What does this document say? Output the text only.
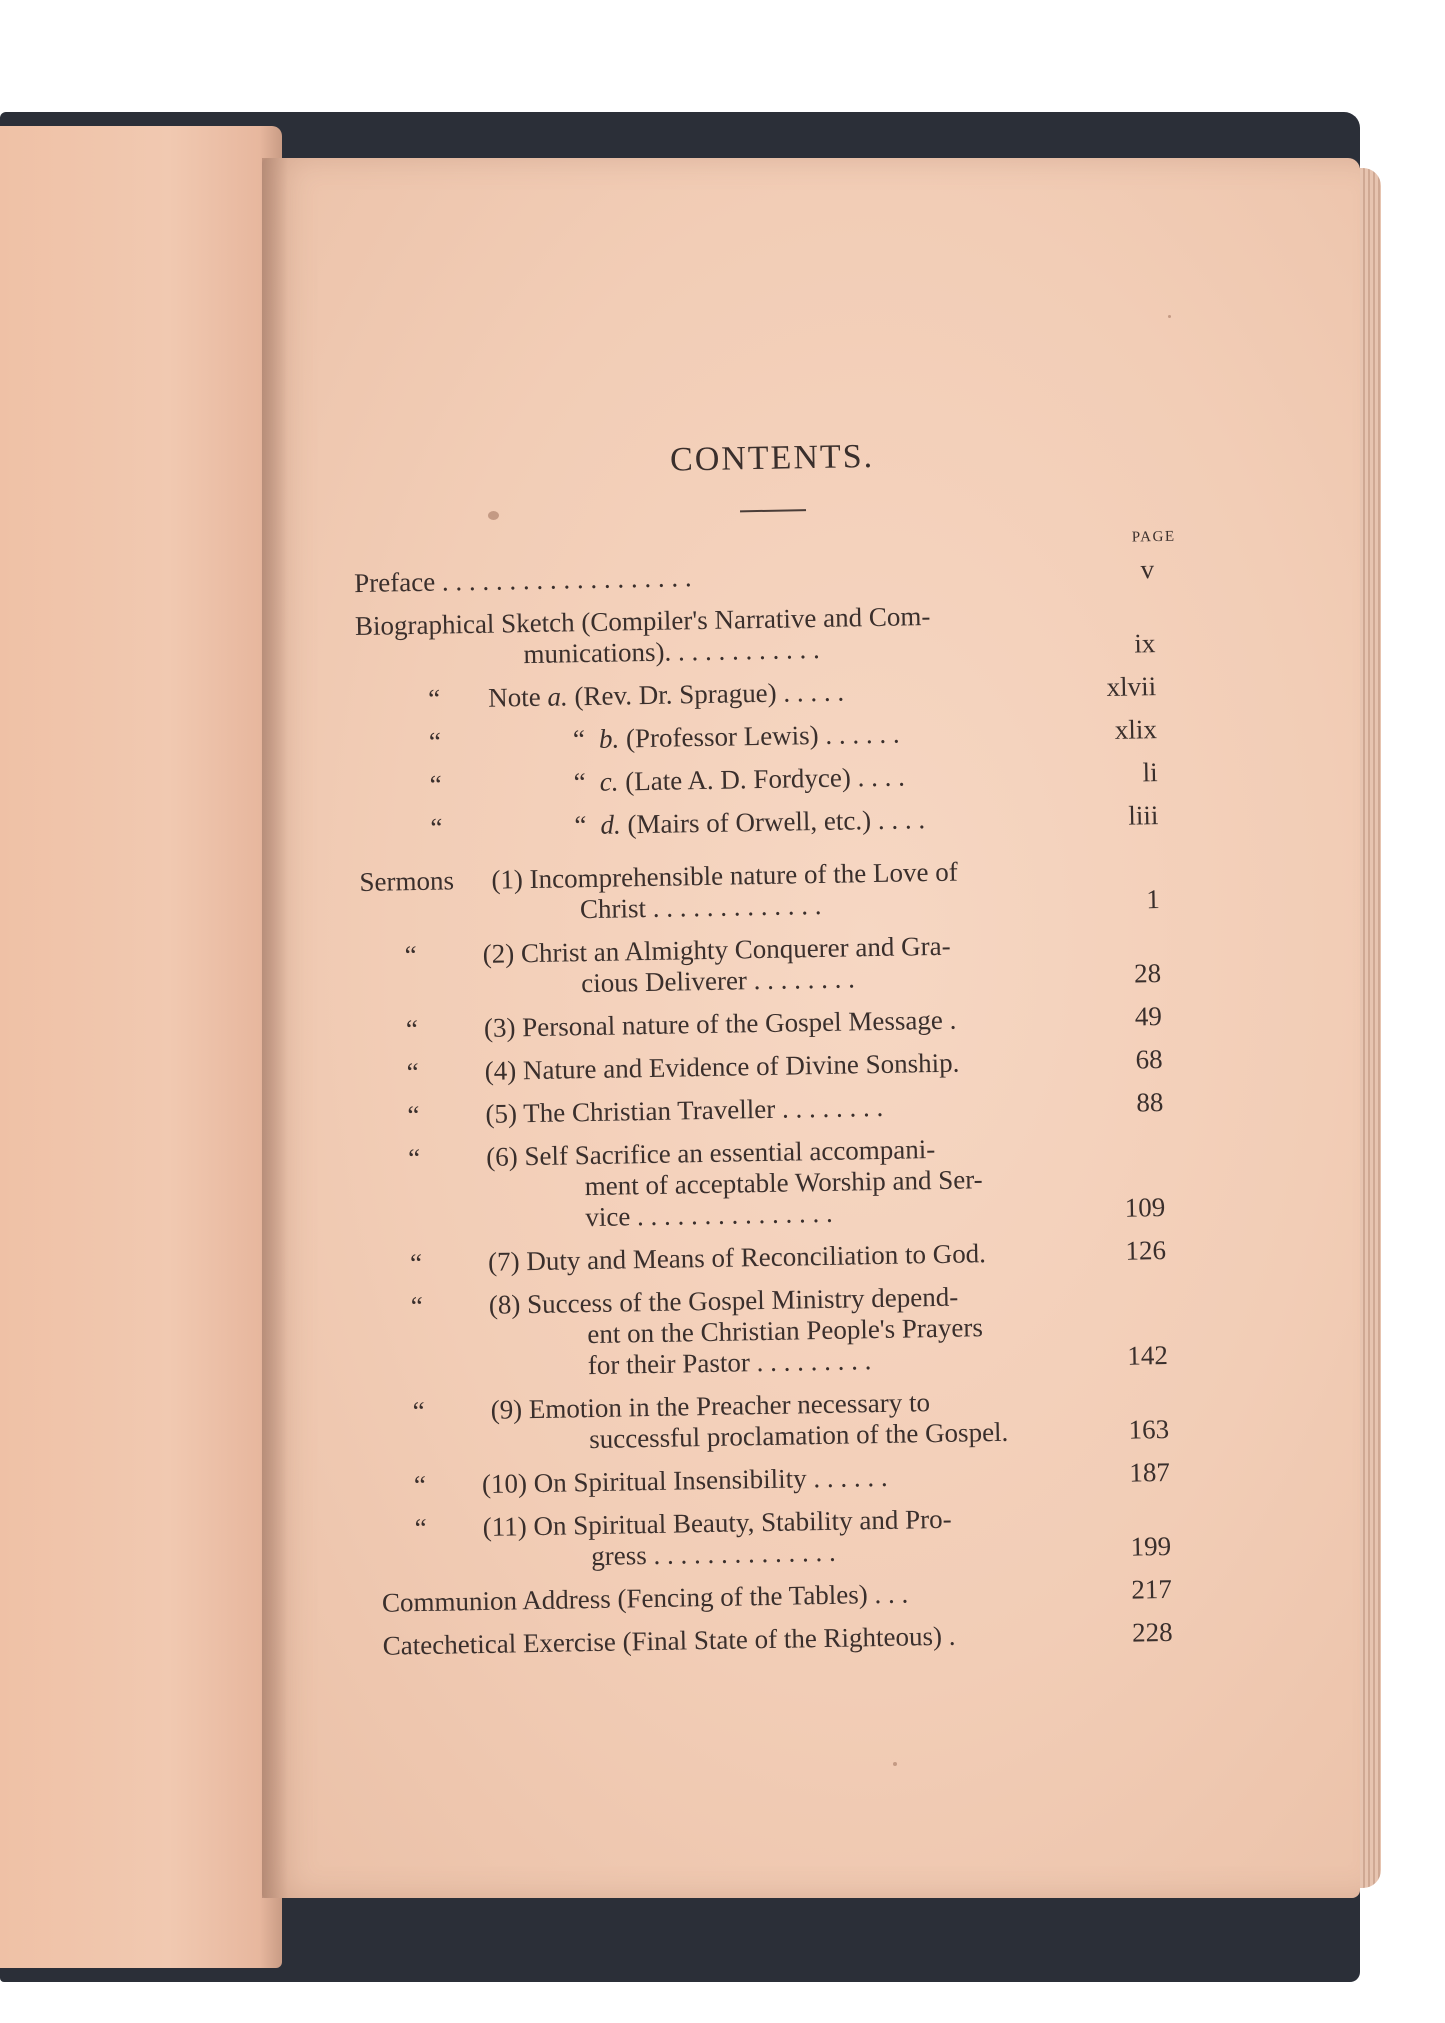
CONTENTS.
PAGE
Preface . . . . . . . . . . . . . . . . . . .	v
Biographical Sketch (Compiler's Narrative and Com-
munications). . . . . . . . . . . .	ix
“ Note a. (Rev. Dr. Sprague) . . . . .	xlvii
“	“ b. (Professor Lewis) . . . . . .	xlix
“	“ c. (Late A. D. Fordyce) . . . .	li
“	“ d. (Mairs of Orwell, etc.) . . . .	liii
Sermons (1) Incomprehensible nature of the Love of
Christ . . . . . . . . . . . . .	1
“ (2) Christ an Almighty Conquerer and Gra-
cious Deliverer . . . . . . . .	28
“ (3) Personal nature of the Gospel Message .	49
“ (4) Nature and Evidence of Divine Sonship.	68
“ (5) The Christian Traveller . . . . . . . .	88
“ (6) Self Sacrifice an essential accompani-
ment of acceptable Worship and Ser-
vice . . . . . . . . . . . . . . .	109
“ (7) Duty and Means of Reconciliation to God.	126
“ (8) Success of the Gospel Ministry depend-
ent on the Christian People's Prayers
for their Pastor . . . . . . . . .	142
“ (9) Emotion in the Preacher necessary to
successful proclamation of the Gospel.	163
“ (10) On Spiritual Insensibility . . . . . .	187
“ (11) On Spiritual Beauty, Stability and Pro-
gress . . . . . . . . . . . . . .	199
Communion Address (Fencing of the Tables) . . .	217
Catechetical Exercise (Final State of the Righteous) .	228
